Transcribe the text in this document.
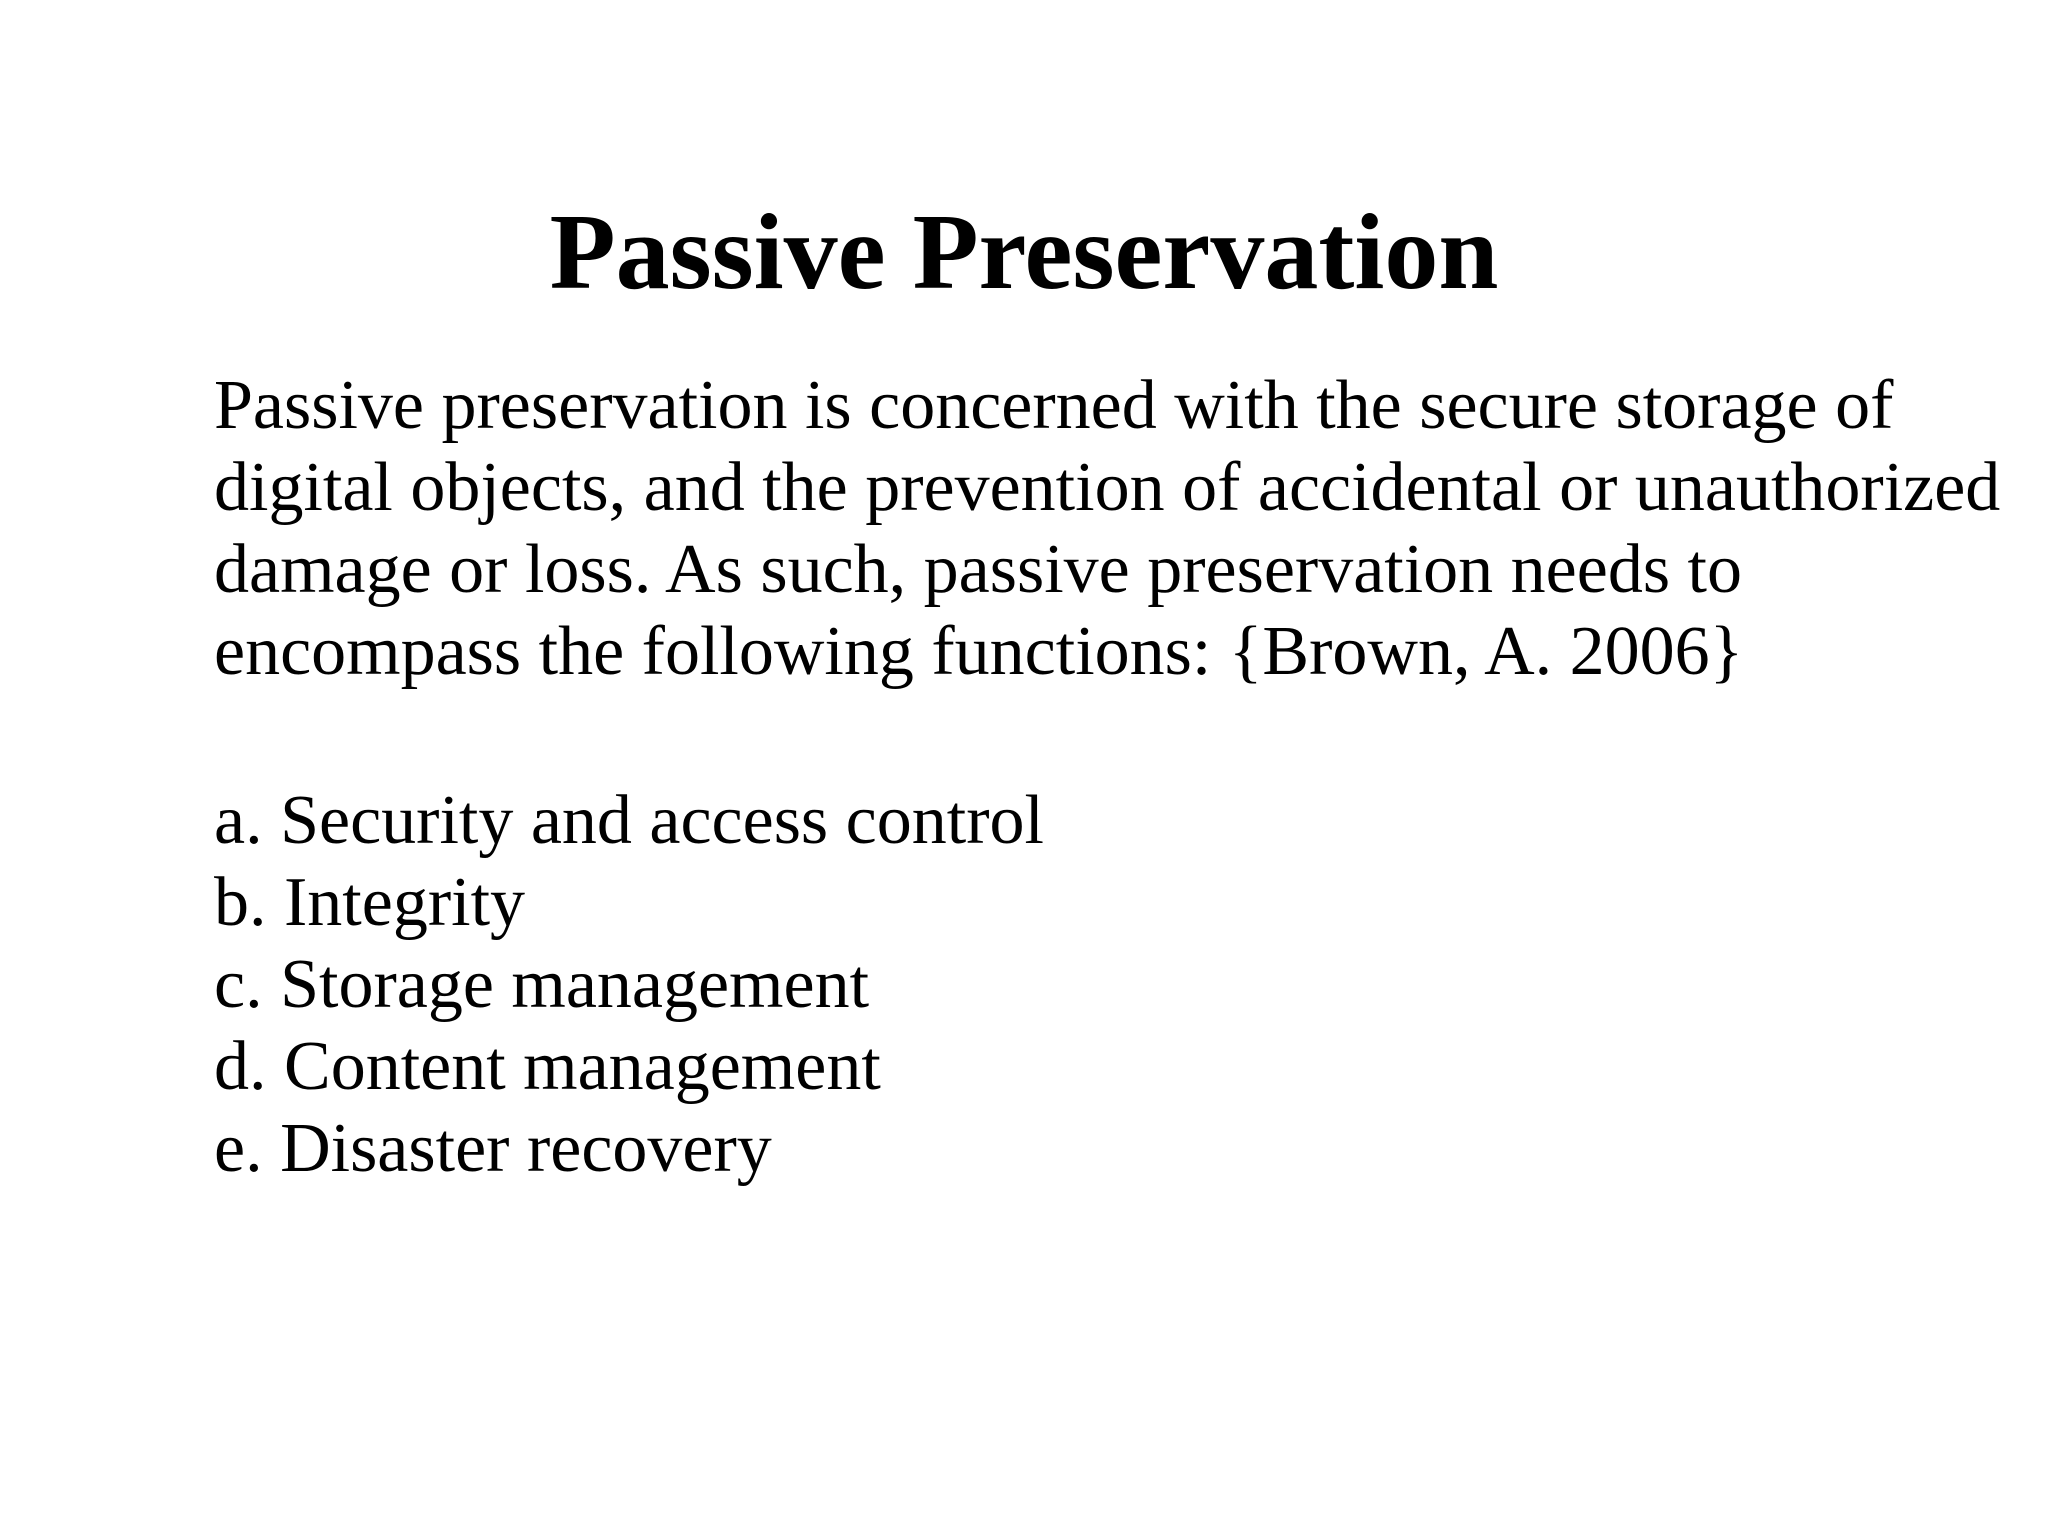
Passive Preservation

Passive preservation is concerned with the secure storage of
digital objects, and the prevention of accidental or unauthorized
damage or loss. As such, passive preservation needs to
encompass the following functions: {Brown, A. 2006}

a. Security and access control
b. Integrity
c. Storage management
d. Content management
e. Disaster recovery
